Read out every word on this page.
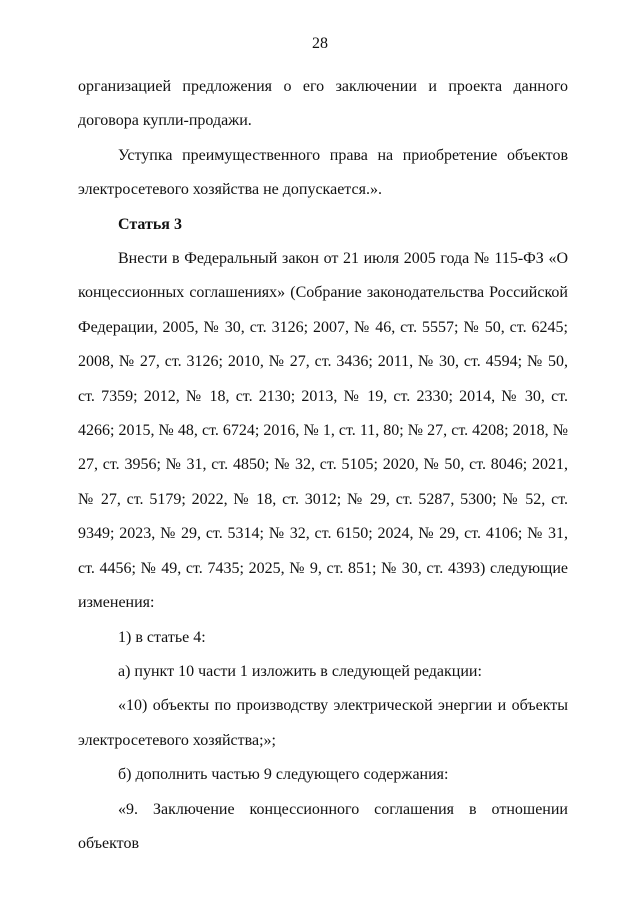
28

организацией предложения о его заключении и проекта данного договора купли-продажи.

Уступка преимущественного права на приобретение объектов электросетевого хозяйства не допускается.».

Статья 3

Внести в Федеральный закон от 21 июля 2005 года № 115-ФЗ «О концессионных соглашениях» (Собрание законодательства Российской Федерации, 2005, № 30, ст. 3126; 2007, № 46, ст. 5557; № 50, ст. 6245; 2008, № 27, ст. 3126; 2010, № 27, ст. 3436; 2011, № 30, ст. 4594; № 50, ст. 7359; 2012, № 18, ст. 2130; 2013, № 19, ст. 2330; 2014, № 30, ст. 4266; 2015, № 48, ст. 6724; 2016, № 1, ст. 11, 80; № 27, ст. 4208; 2018, № 27, ст. 3956; № 31, ст. 4850; № 32, ст. 5105; 2020, № 50, ст. 8046; 2021, № 27, ст. 5179; 2022, № 18, ст. 3012; № 29, ст. 5287, 5300; № 52, ст. 9349; 2023, № 29, ст. 5314; № 32, ст. 6150; 2024, № 29, ст. 4106; № 31, ст. 4456; № 49, ст. 7435; 2025, № 9, ст. 851; № 30, ст. 4393) следующие изменения:

1) в статье 4:

а) пункт 10 части 1 изложить в следующей редакции:

«10) объекты по производству электрической энергии и объекты электросетевого хозяйства;»;

б) дополнить частью 9 следующего содержания:

«9. Заключение концессионного соглашения в отношении объектов
